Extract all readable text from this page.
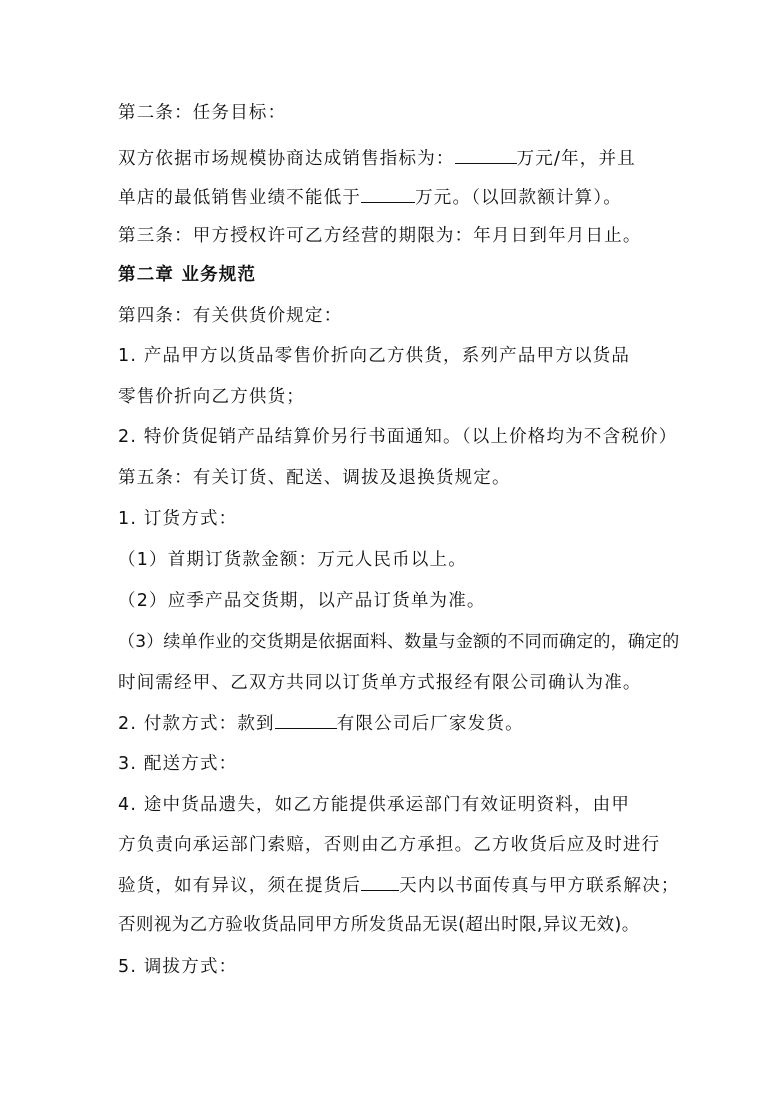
第二条：任务目标：
双方依据市场规模协商达成销售指标为：	万元/年，并且
单店的最低销售业绩不能低于	万元。（以回款额计算）。
第三条：甲方授权许可乙方经营的期限为：年月日到年月日止。
第二章 业务规范
第四条：有关供货价规定：
1. 产品甲方以货品零售价折向乙方供货，系列产品甲方以货品
零售价折向乙方供货；
2. 特价货促销产品结算价另行书面通知。（以上价格均为不含税价）
第五条：有关订货、配送、调拔及退换货规定。
1. 订货方式：
（1）首期订货款金额：万元人民币以上。
（2）应季产品交货期，以产品订货单为准。
（3）续单作业的交货期是依据面料、数量与金额的不同而确定的，确定的
时间需经甲、乙双方共同以订货单方式报经有限公司确认为准。
2. 付款方式：款到	有限公司后厂家发货。
3. 配送方式：
4. 途中货品遗失，如乙方能提供承运部门有效证明资料，由甲
方负责向承运部门索赔，否则由乙方承担。乙方收货后应及时进行
验货，如有异议，须在提货后 天内以书面传真与甲方联系解决；
否则视为乙方验收货品同甲方所发货品无误(超出时限,异议无效)。
5. 调拔方式：
